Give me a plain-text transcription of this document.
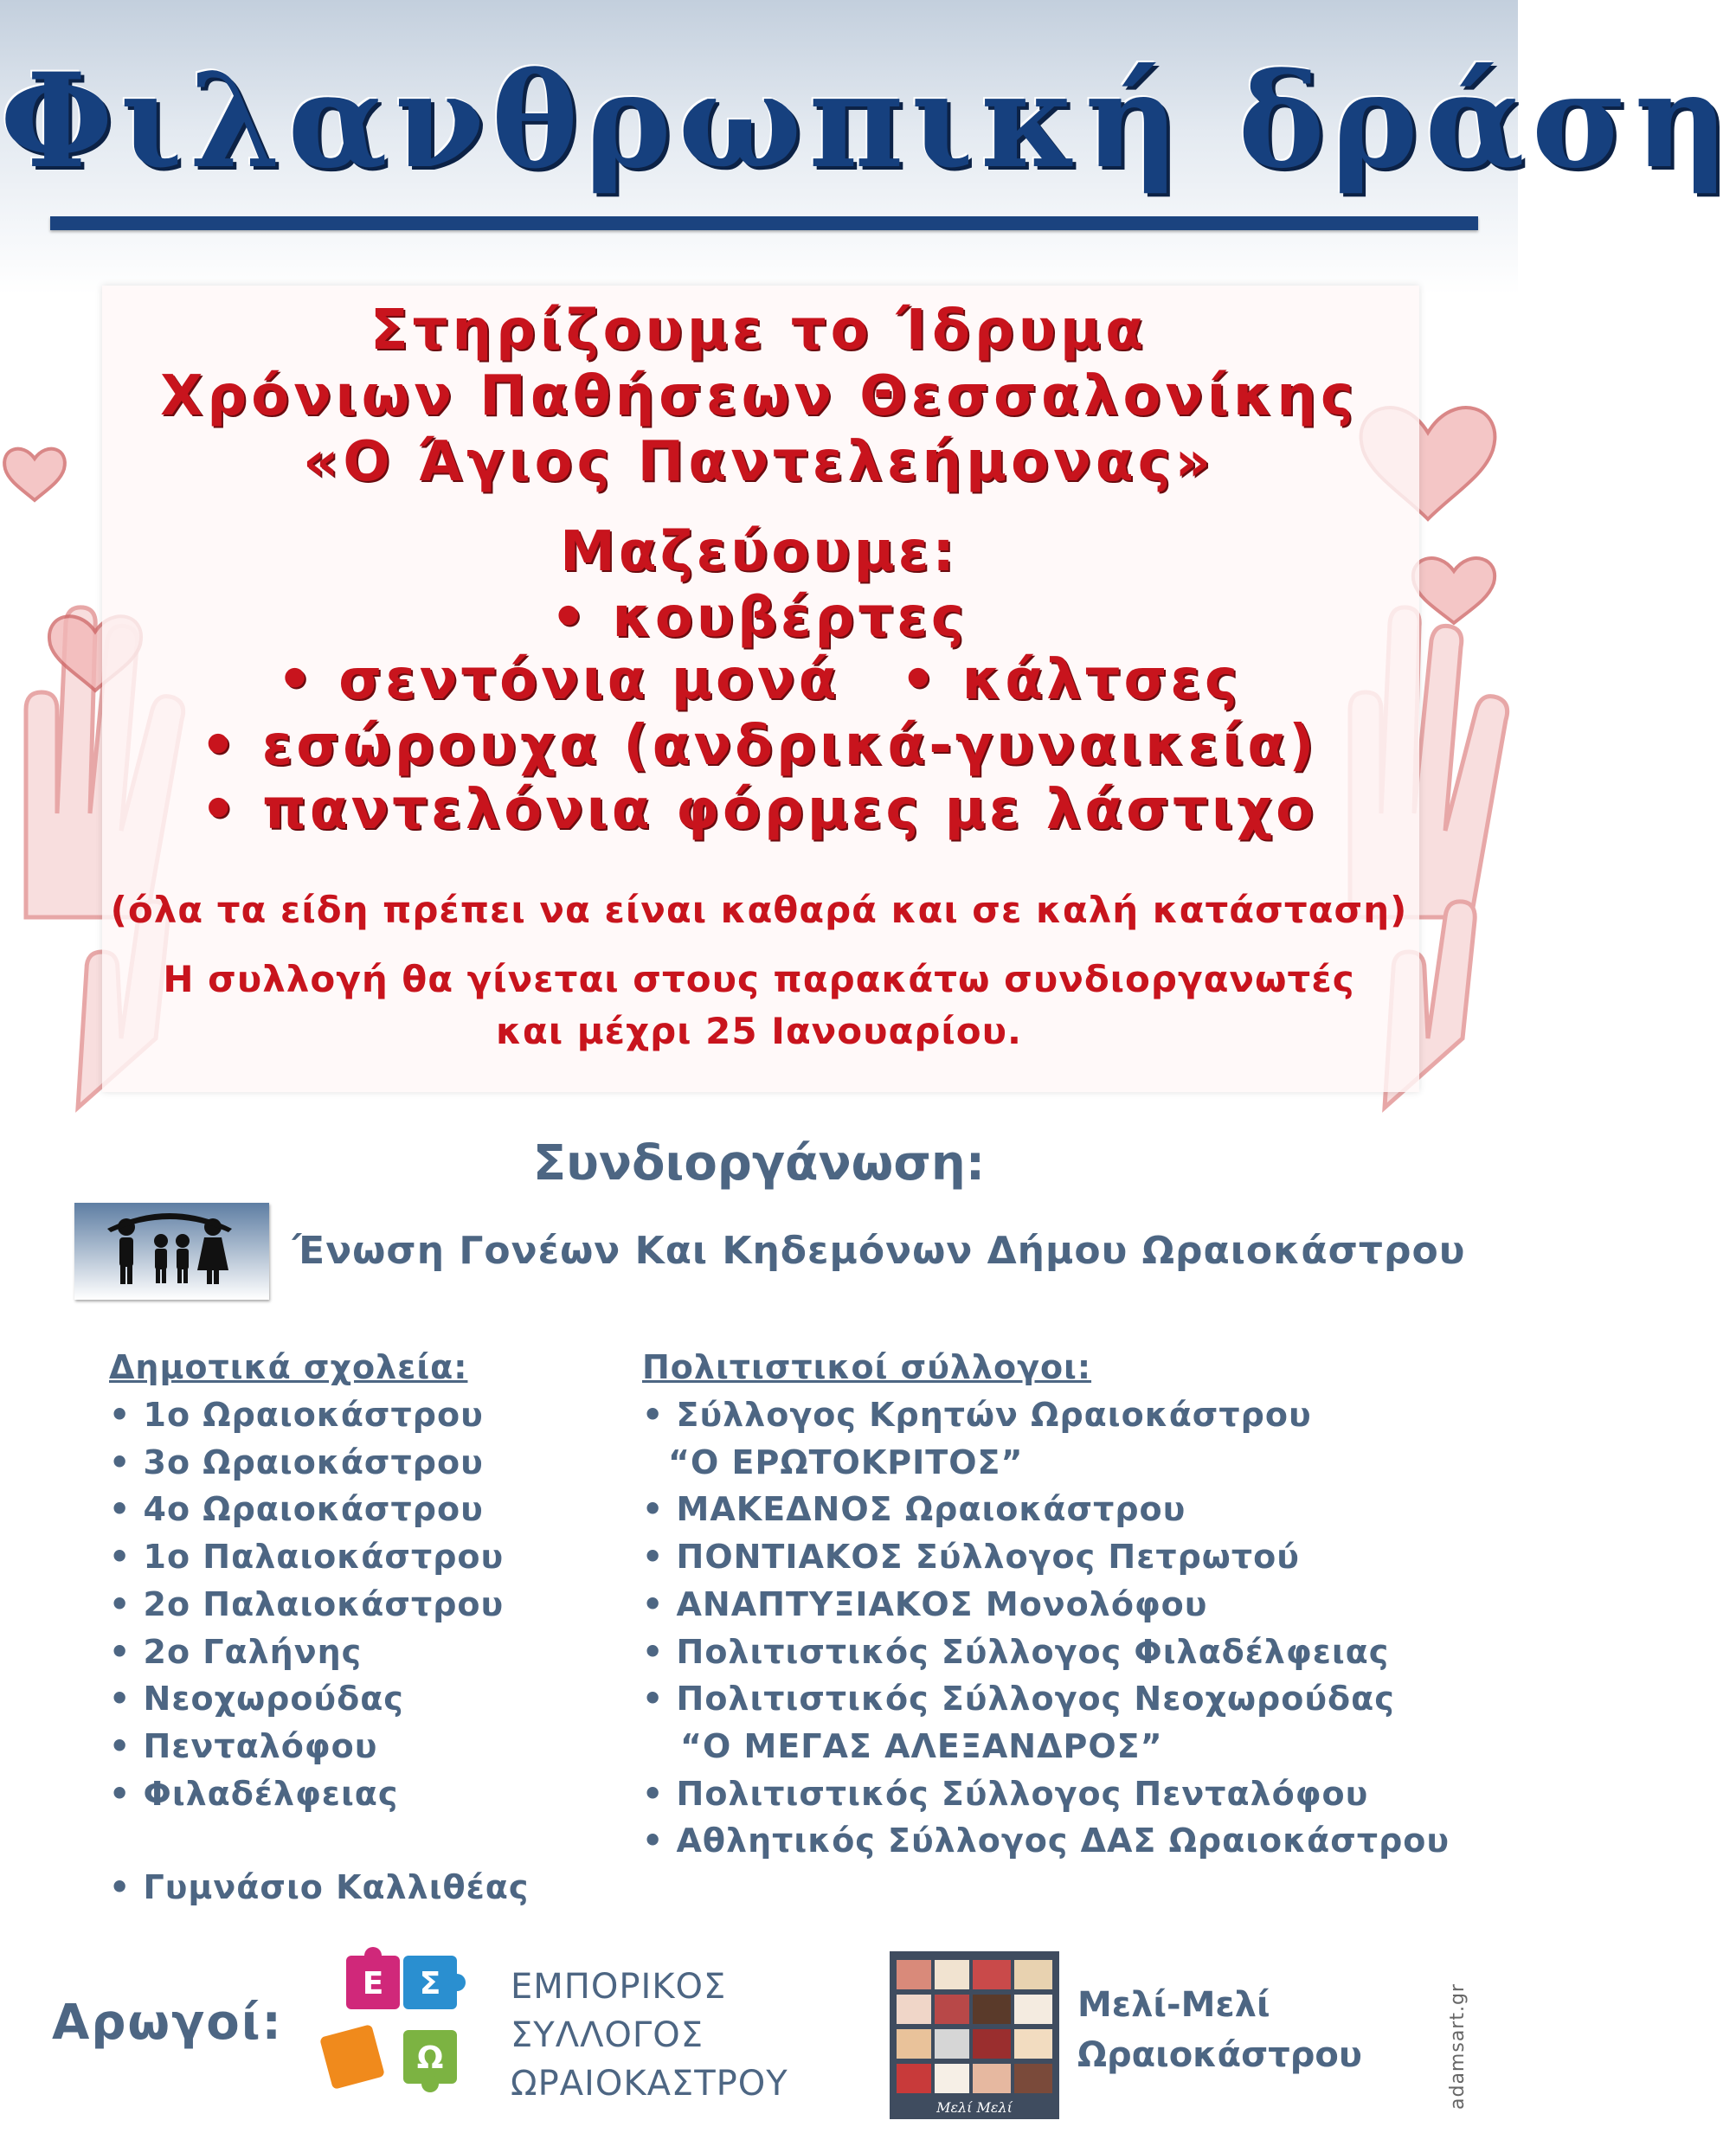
Φιλανθρωπική δράση
Στηρίζουμε το Ίδρυμα
Χρόνιων Παθήσεων Θεσσαλονίκης
«Ο Άγιος Παντελεήμονας»
Μαζεύουμε:
• κουβέρτες
• σεντόνια μονά • κάλτσες
• εσώρουχα (ανδρικά-γυναικεία)
• παντελόνια φόρμες με λάστιχο
(όλα τα είδη πρέπει να είναι καθαρά και σε καλή κατάσταση)
Η συλλογή θα γίνεται στους παρακάτω συνδιοργανωτές
και μέχρι 25 Ιανουαρίου.
Συνδιοργάνωση:
Ένωση Γονέων Και Κηδεμόνων Δήμου Ωραιοκάστρου
Δημοτικά σχολεία:
• 1ο Ωραιοκάστρου
• 3ο Ωραιοκάστρου
• 4ο Ωραιοκάστρου
• 1ο Παλαιοκάστρου
• 2ο Παλαιοκάστρου
• 2ο Γαλήνης
• Νεοχωρούδας
• Πενταλόφου
• Φιλαδέλφειας
• Γυμνάσιο Καλλιθέας
Πολιτιστικοί σύλλογοι:
• Σύλλογος Κρητών Ωραιοκάστρου
“Ο ΕΡΩΤΟΚΡΙΤΟΣ”
• ΜΑΚΕΔΝΟΣ Ωραιοκάστρου
• ΠΟΝΤΙΑΚΟΣ Σύλλογος Πετρωτού
• ΑΝΑΠΤΥΞΙΑΚΟΣ Μονολόφου
• Πολιτιστικός Σύλλογος Φιλαδέλφειας
• Πολιτιστικός Σύλλογος Νεοχωρούδας
“Ο ΜΕΓΑΣ ΑΛΕΞΑΝΔΡΟΣ”
• Πολιτιστικός Σύλλογος Πενταλόφου
• Αθλητικός Σύλλογος ΔΑΣ Ωραιοκάστρου
Αρωγοί:
Ε Σ
Ω
ΕΜΠΟΡΙΚΟΣ
ΣΥΛΛΟΓΟΣ
ΩΡΑΙΟΚΑΣΤΡΟΥ
Μελί Μελί
Μελί-Μελί
Ωραιοκάστρου	adamsart.gr
